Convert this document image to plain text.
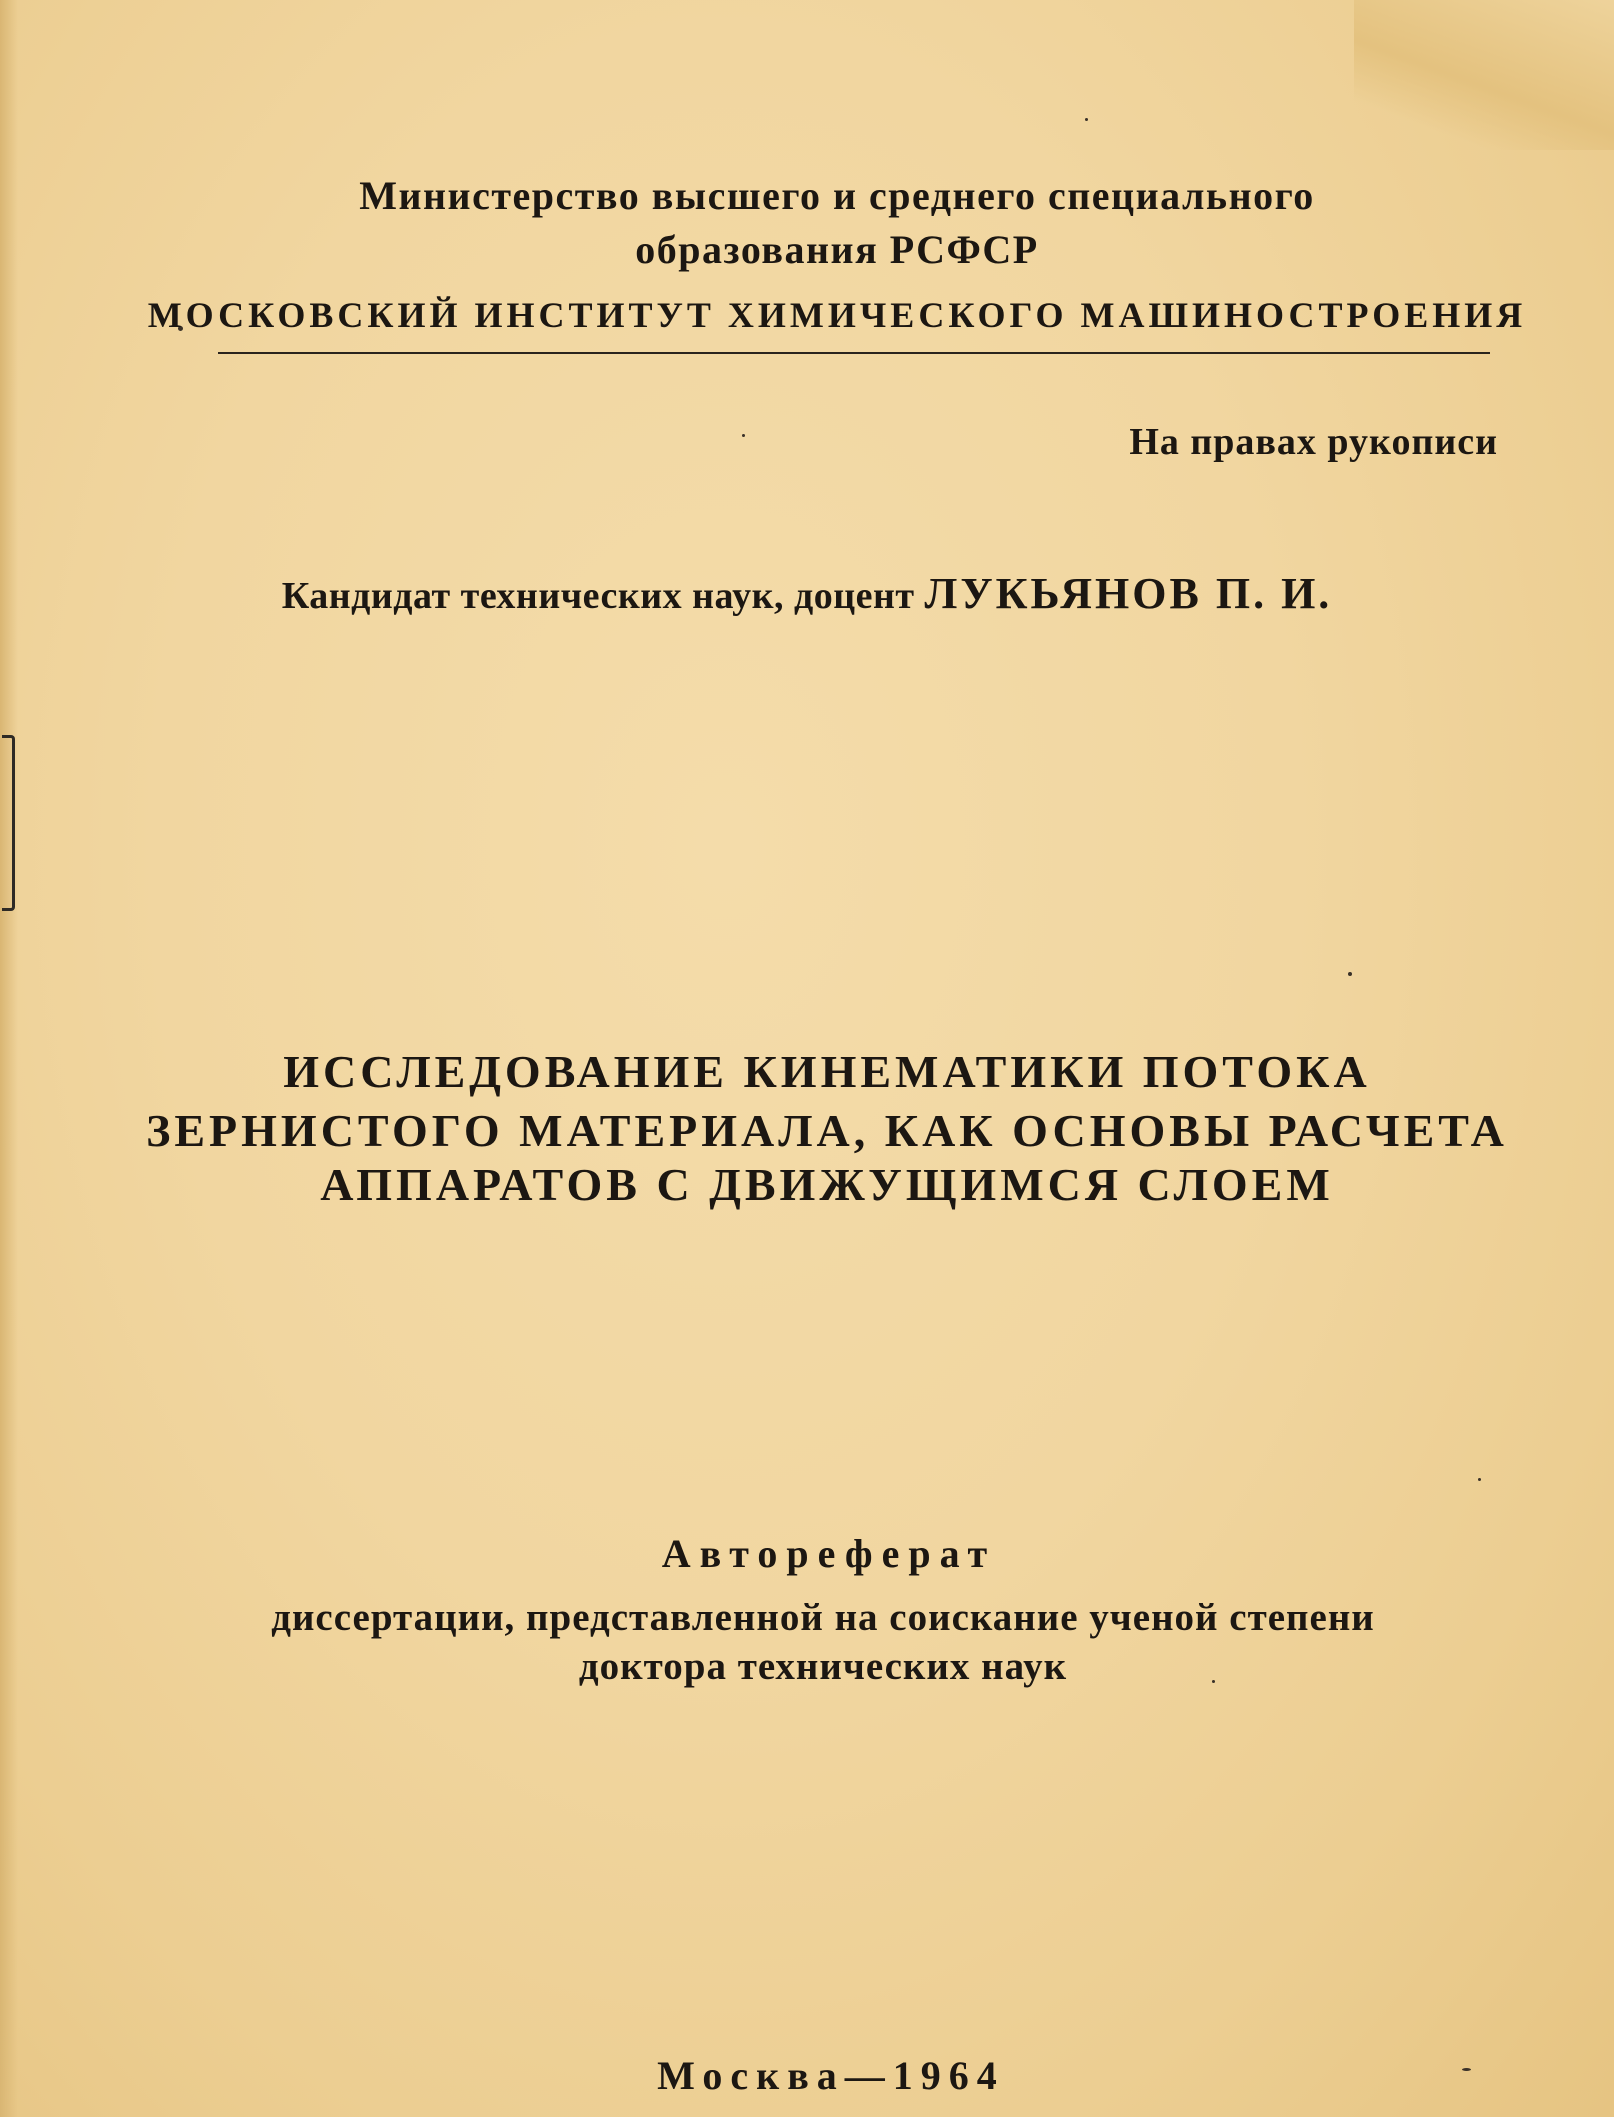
Министерство высшего и среднего специального
образования РСФСР
МОСКОВСКИЙ ИНСТИТУТ ХИМИЧЕСКОГО МАШИНОСТРОЕНИЯ
На правах рукописи
Кандидат технических наук, доцент ЛУКЬЯНОВ П. И.
ИССЛЕДОВАНИЕ КИНЕМАТИКИ ПОТОКА
ЗЕРНИСТОГО МАТЕРИАЛА, КАК ОСНОВЫ РАСЧЕТА
АППАРАТОВ С ДВИЖУЩИМСЯ СЛОЕМ
Автореферат
диссертации, представленной на соискание ученой степени
доктора технических наук
Москва—1964
